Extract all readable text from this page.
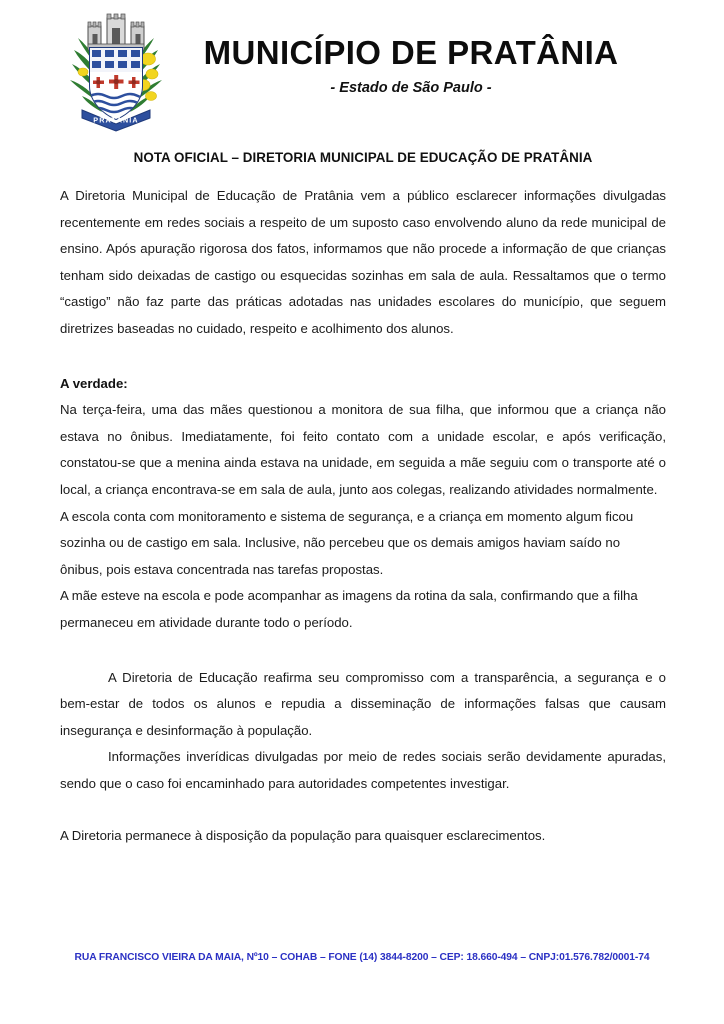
PRATÂNIA
MUNICÍPIO DE PRATÂNIA
- Estado de São Paulo -
NOTA OFICIAL – DIRETORIA MUNICIPAL DE EDUCAÇÃO DE PRATÂNIA

A Diretoria Municipal de Educação de Pratânia vem a público esclarecer informações divulgadas recentemente em redes sociais a respeito de um suposto caso envolvendo aluno da rede municipal de ensino. Após apuração rigorosa dos fatos, informamos que não procede a informação de que crianças tenham sido deixadas de castigo ou esquecidas sozinhas em sala de aula. Ressaltamos que o termo “castigo” não faz parte das práticas adotadas nas unidades escolares do município, que seguem diretrizes baseadas no cuidado, respeito e acolhimento dos alunos.

A verdade:

Na terça-feira, uma das mães questionou a monitora de sua filha, que informou que a criança não estava no ônibus. Imediatamente, foi feito contato com a unidade escolar, e após verificação, constatou-se que a menina ainda estava na unidade, em seguida a mãe seguiu com o transporte até o local, a criança encontrava-se em sala de aula, junto aos colegas, realizando atividades normalmente.

A escola conta com monitoramento e sistema de segurança, e a criança em momento algum ficou sozinha ou de castigo em sala. Inclusive, não percebeu que os demais amigos haviam saído no ônibus, pois estava concentrada nas tarefas propostas.

A mãe esteve na escola e pode acompanhar as imagens da rotina da sala, confirmando que a filha permaneceu em atividade durante todo o período.

A Diretoria de Educação reafirma seu compromisso com a transparência, a segurança e o bem-estar de todos os alunos e repudia a disseminação de informações falsas que causam insegurança e desinformação à população.

Informações inverídicas divulgadas por meio de redes sociais serão devidamente apuradas, sendo que o caso foi encaminhado para autoridades competentes investigar.

A Diretoria permanece à disposição da população para quaisquer esclarecimentos.

RUA FRANCISCO VIEIRA DA MAIA, Nº10 – COHAB – FONE (14) 3844-8200 – CEP: 18.660-494 – CNPJ:01.576.782/0001-74
